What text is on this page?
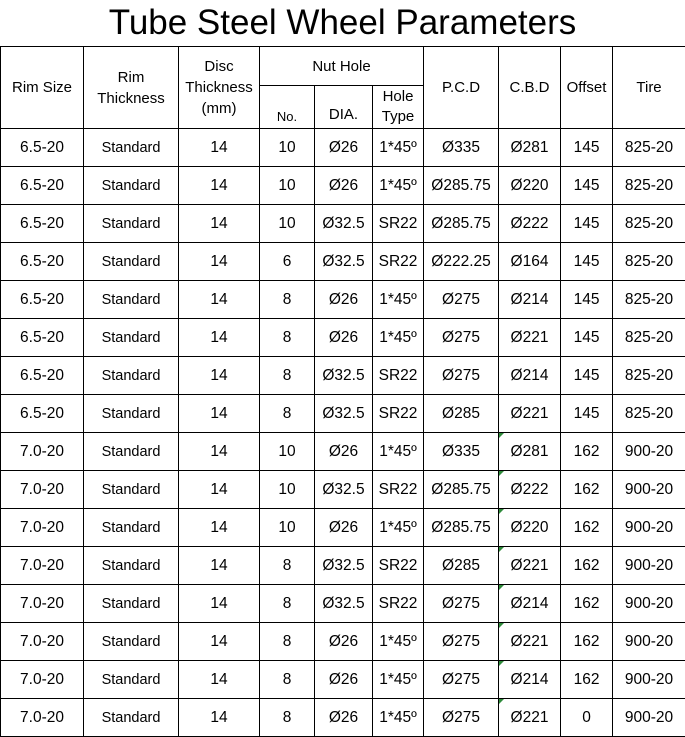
Tube Steel Wheel Parameters
Rim Size	Rim Thickness	Disc Thickness (mm)	Nut Hole			P.C.D	C.B.D	Offset	Tire
			No.	DIA.	Hole Type				
6.5-20	Standard	14	10	Ø26	1*45º	Ø335	Ø281	145	825-20
6.5-20	Standard	14	10	Ø26	1*45º	Ø285.75	Ø220	145	825-20
6.5-20	Standard	14	10	Ø32.5	SR22	Ø285.75	Ø222	145	825-20
6.5-20	Standard	14	6	Ø32.5	SR22	Ø222.25	Ø164	145	825-20
6.5-20	Standard	14	8	Ø26	1*45º	Ø275	Ø214	145	825-20
6.5-20	Standard	14	8	Ø26	1*45º	Ø275	Ø221	145	825-20
6.5-20	Standard	14	8	Ø32.5	SR22	Ø275	Ø214	145	825-20
6.5-20	Standard	14	8	Ø32.5	SR22	Ø285	Ø221	145	825-20
7.0-20	Standard	14	10	Ø26	1*45º	Ø335	Ø281	162	900-20
7.0-20	Standard	14	10	Ø32.5	SR22	Ø285.75	Ø222	162	900-20
7.0-20	Standard	14	10	Ø26	1*45º	Ø285.75	Ø220	162	900-20
7.0-20	Standard	14	8	Ø32.5	SR22	Ø285	Ø221	162	900-20
7.0-20	Standard	14	8	Ø32.5	SR22	Ø275	Ø214	162	900-20
7.0-20	Standard	14	8	Ø26	1*45º	Ø275	Ø221	162	900-20
7.0-20	Standard	14	8	Ø26	1*45º	Ø275	Ø214	162	900-20
7.0-20	Standard	14	8	Ø26	1*45º	Ø275	Ø221	0	900-20
